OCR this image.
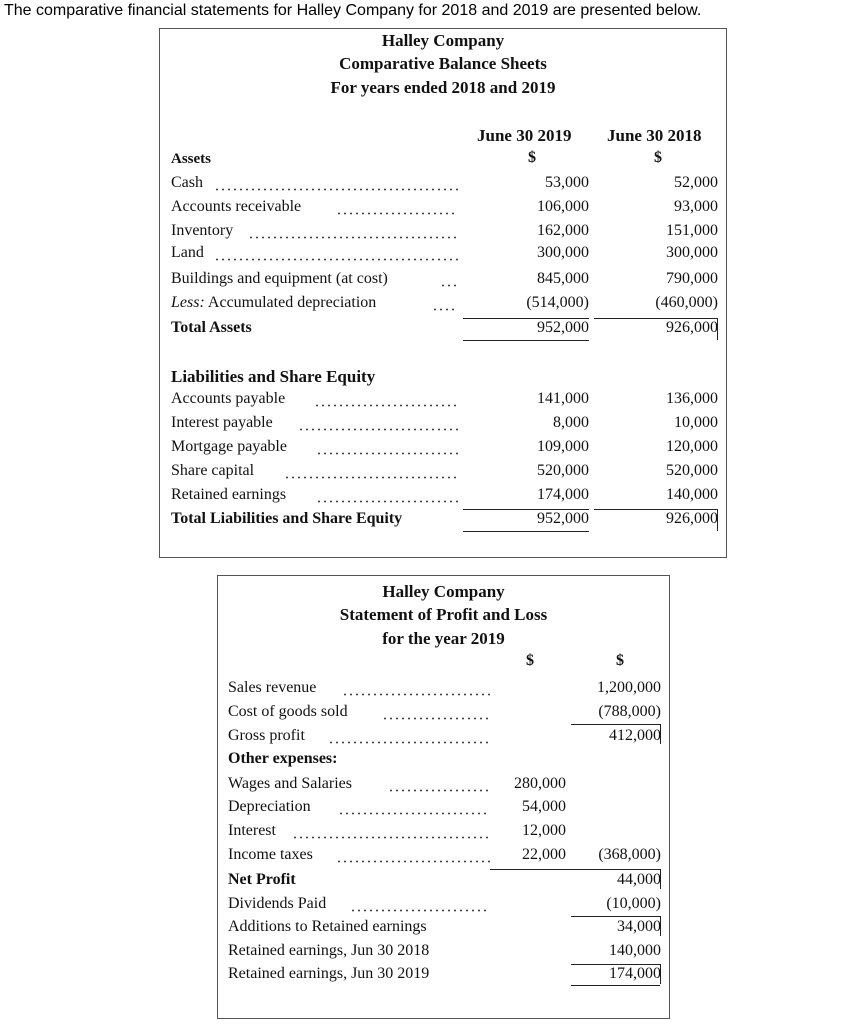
The comparative financial statements for Halley Company for 2018 and 2019 are presented below.
Halley Company
Comparative Balance Sheets
For years ended 2018 and 2019
June 30 2019 June 30 2018
$	$
Assets
Cash	53,000	52,000
Accounts receivable	106,000	93,000
Inventory	162,000	151,000
Land	300,000	300,000
Buildings and equipment (at cost)	845,000	790,000
Less: Accumulated depreciation	(514,000)	(460,000)
Total Assets	952,000	926,000
Liabilities and Share Equity
Accounts payable	141,000	136,000
Interest payable	8,000	10,000
Mortgage payable	109,000	120,000
Share capital	520,000	520,000
Retained earnings	174,000	140,000
Total Liabilities and Share Equity	952,000	926,000
Halley Company
Statement of Profit and Loss
for the year 2019
$	$
Sales revenue	1,200,000
Cost of goods sold	(788,000)
Gross profit	412,000
Other expenses:
Wages and Salaries	280,000
Depreciation	54,000
Interest	12,000
Income taxes	22,000 (368,000)
Net Profit	44,000
Dividends Paid	(10,000)
Additions to Retained earnings	34,000
Retained earnings, Jun 30 2018	140,000
Retained earnings, Jun 30 2019	174,000
